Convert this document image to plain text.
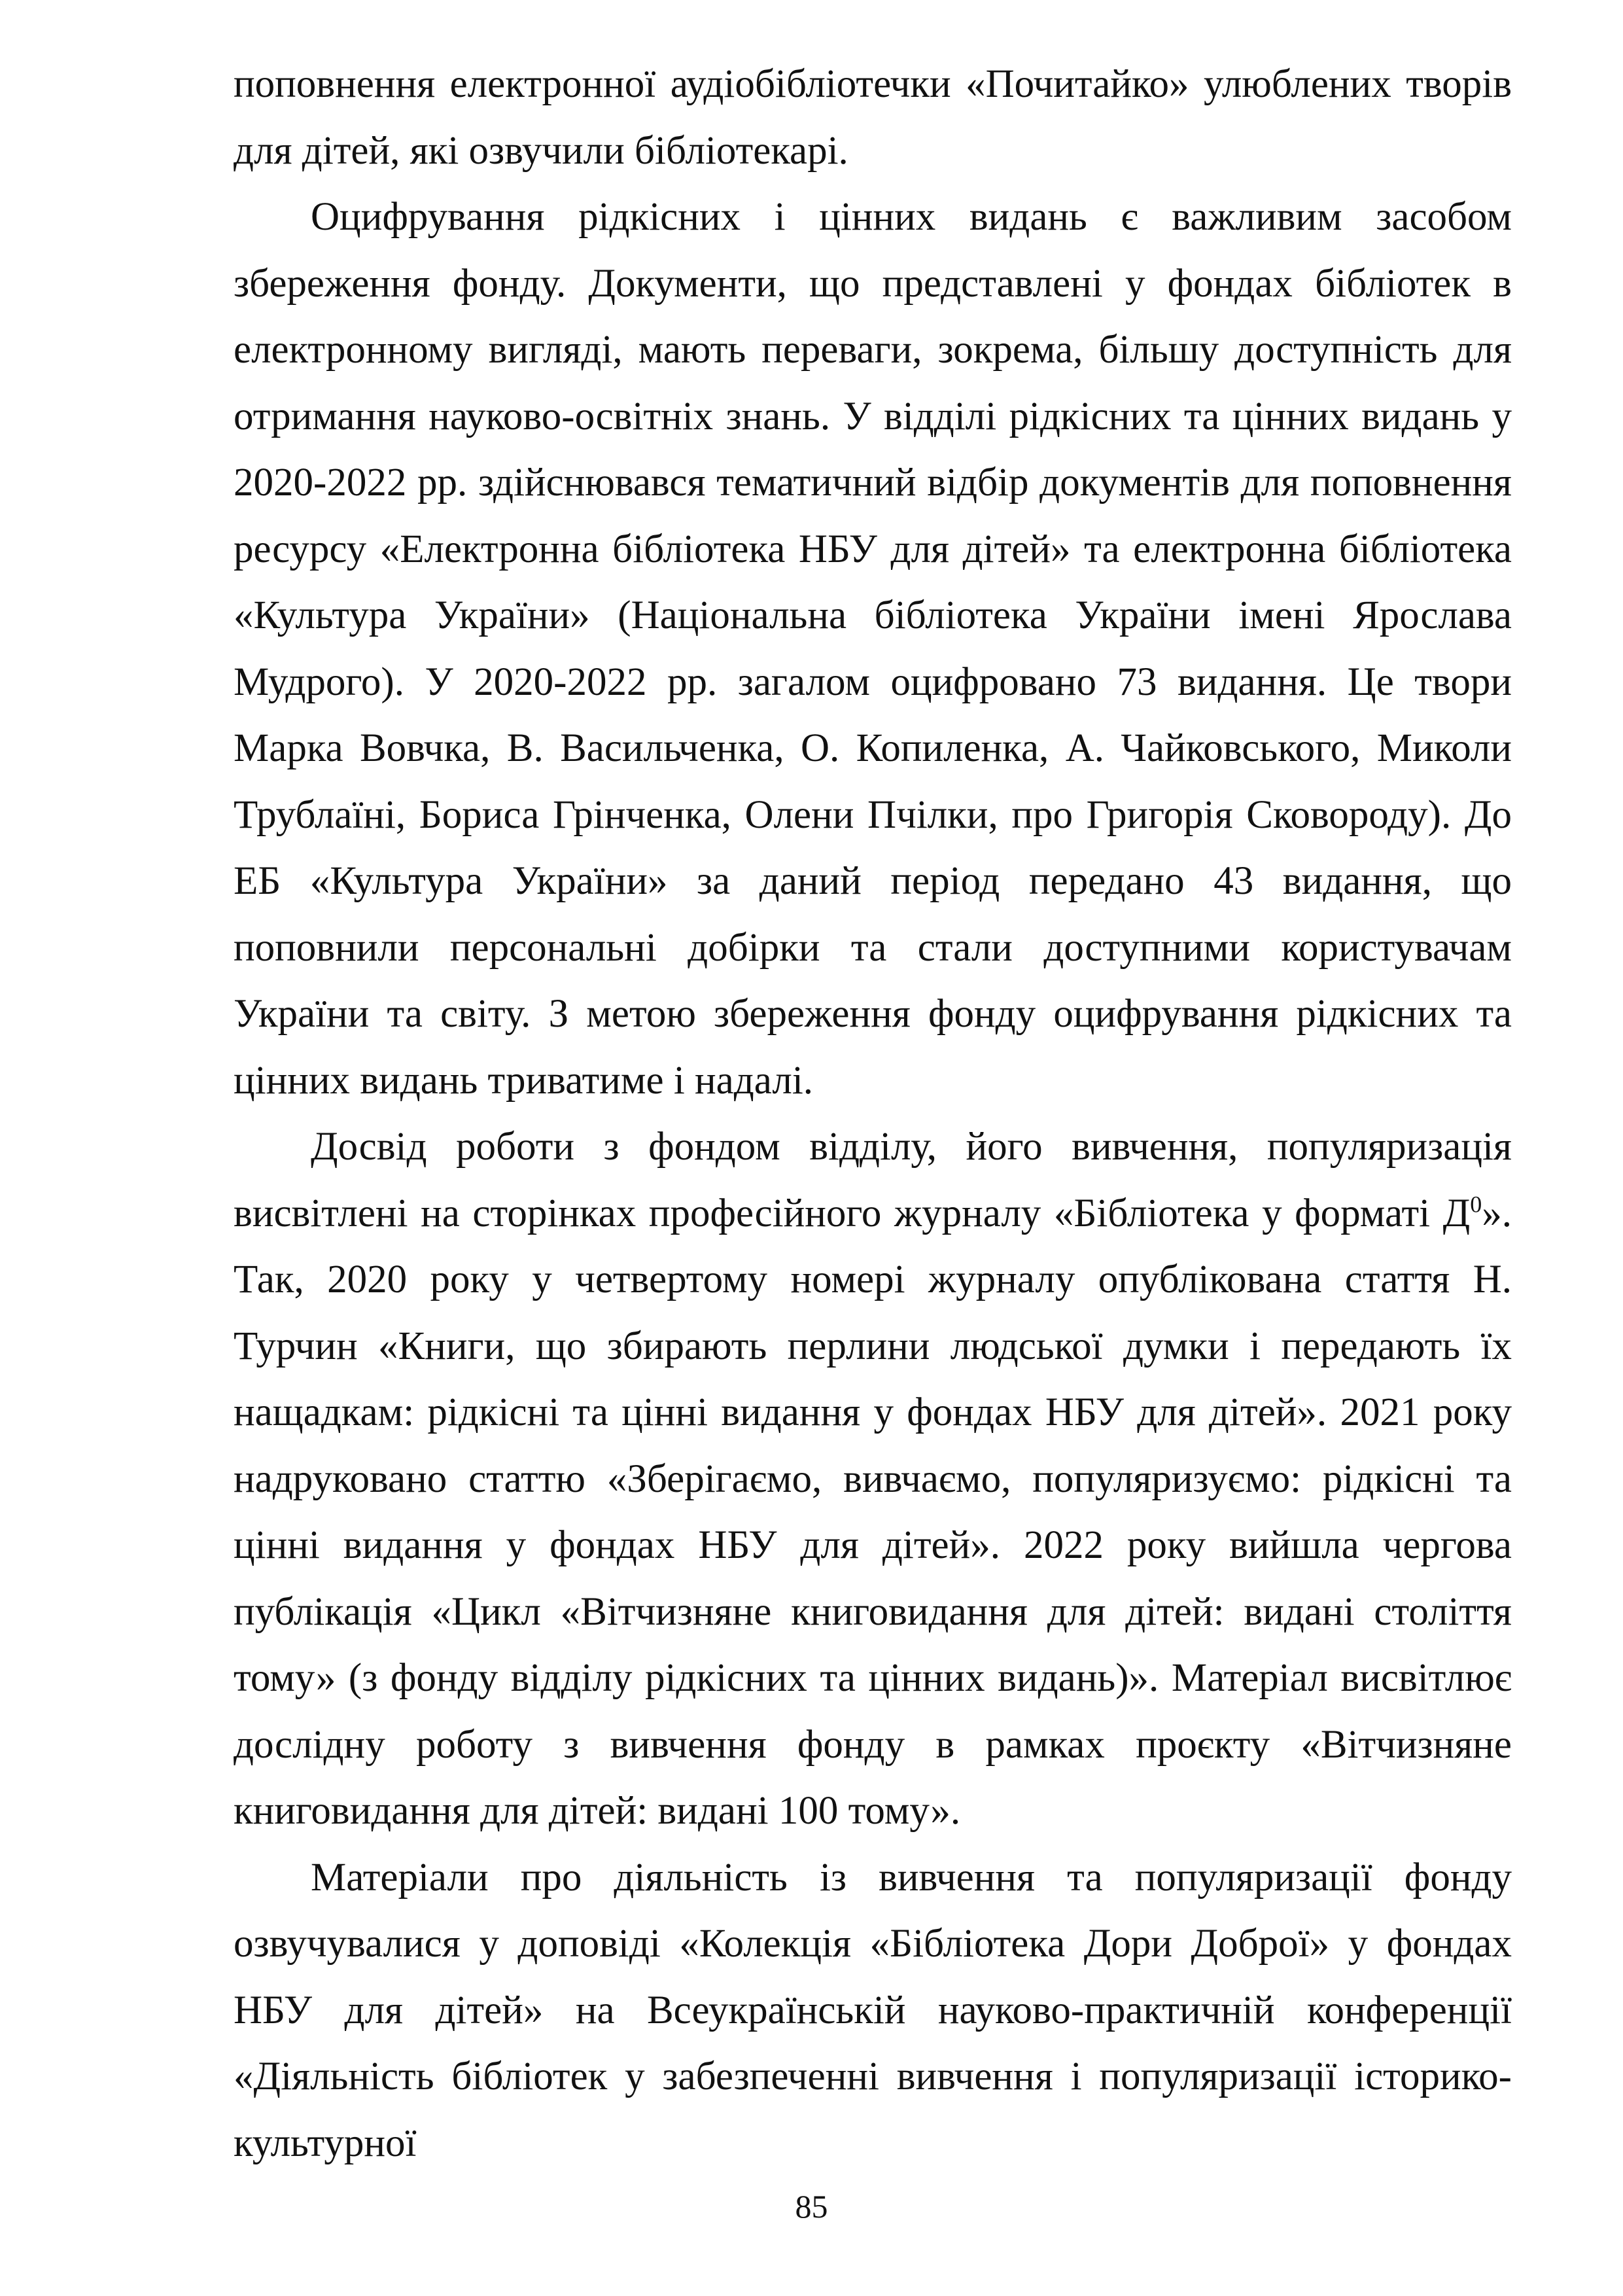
поповнення електронної аудіобібліотечки «Почитайко» улюблених творів для дітей, які озвучили бібліотекарі.

Оцифрування рідкісних і цінних видань є важливим засобом збереження фонду. Документи, що представлені у фондах бібліотек в електронному вигляді, мають переваги, зокрема, більшу доступність для отримання науково-освітніх знань. У відділі рідкісних та цінних видань у 2020-2022 рр. здійснювався тематичний відбір документів для поповнення ресурсу «Електронна бібліотека НБУ для дітей» та електронна бібліотека «Культура України» (Національна бібліотека України імені Ярослава Мудрого). У 2020-2022 рр. загалом оцифровано 73 видання. Це твори Марка Вовчка, В. Васильченка, О. Копиленка, А. Чайковського, Миколи Трублаїні, Бориса Грінченка, Олени Пчілки, про Григорія Сковороду). До ЕБ «Культура України» за даний період передано 43 видання, що поповнили персональні добірки та стали доступними користувачам України та світу. З метою збереження фонду оцифрування рідкісних та цінних видань триватиме і надалі.

Досвід роботи з фондом відділу, його вивчення, популяризація висвітлені на сторінках професійного журналу «Бібліотека у форматі $Д^0$». Так, 2020 року у четвертому номері журналу опублікована стаття Н. Турчин «Книги, що збирають перлини людської думки і передають їх нащадкам: рідкісні та цінні видання у фондах НБУ для дітей». 2021 року надруковано статтю «Зберігаємо, вивчаємо, популяризуємо: рідкісні та цінні видання у фондах НБУ для дітей». 2022 року вийшла чергова публікація «Цикл «Вітчизняне книговидання для дітей: видані століття тому» (з фонду відділу рідкісних та цінних видань)». Матеріал висвітлює дослідну роботу з вивчення фонду в рамках проєкту «Вітчизняне книговидання для дітей: видані 100 тому».

Матеріали про діяльність із вивчення та популяризації фонду озвучувалися у доповіді «Колекція «Бібліотека Дори Доброї» у фондах НБУ для дітей» на Всеукраїнській науково-практичній конференції «Діяльність бібліотек у забезпеченні вивчення і популяризації історико-культурної

85
